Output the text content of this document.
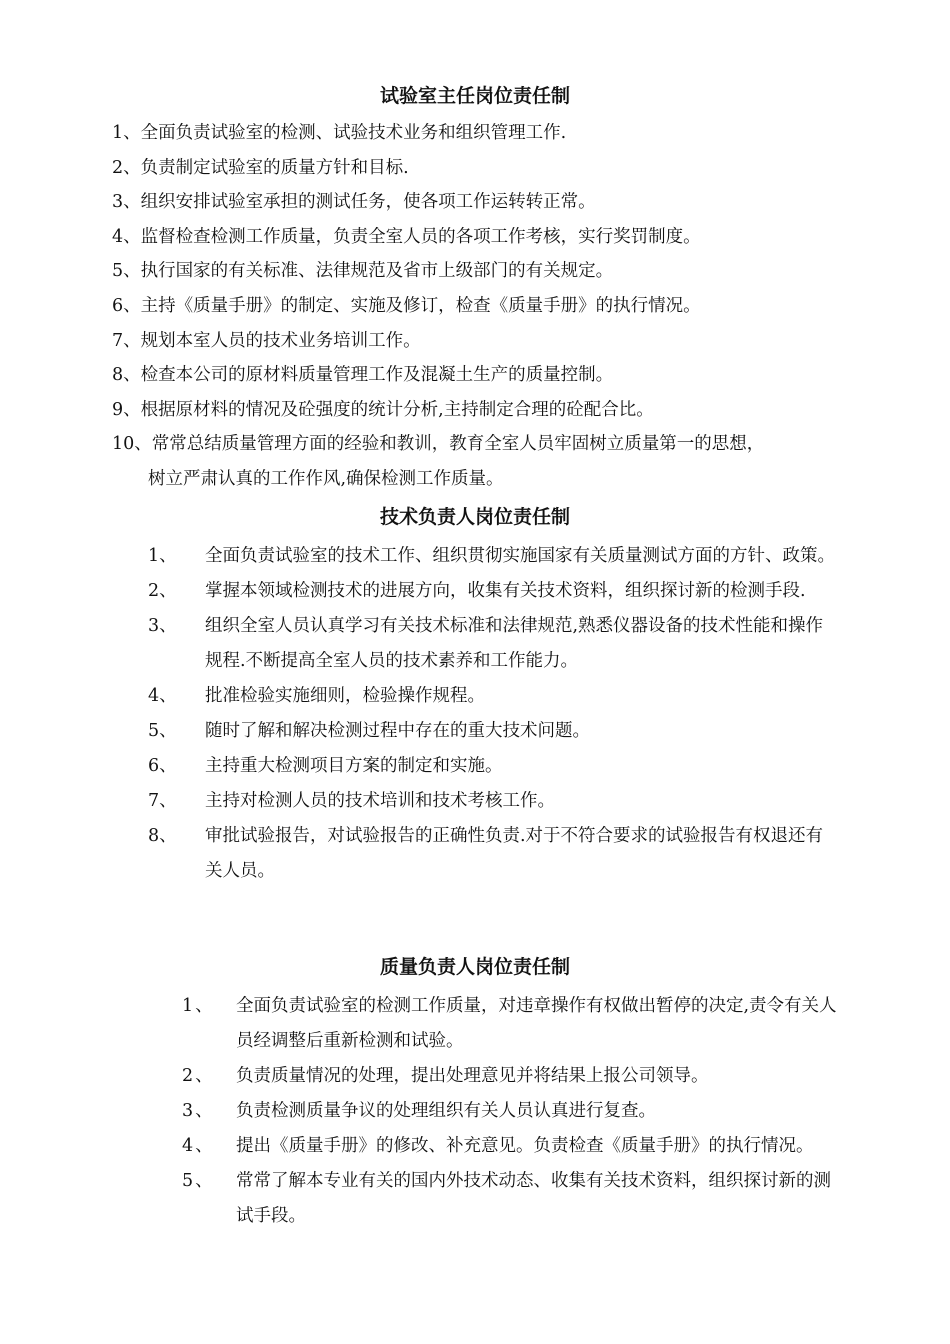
试验室主任岗位责任制
1、全面负责试验室的检测、试验技术业务和组织管理工作.
2、负责制定试验室的质量方针和目标.
3、组织安排试验室承担的测试任务，使各项工作运转转正常。
4、监督检查检测工作质量，负责全室人员的各项工作考核，实行奖罚制度。
5、执行国家的有关标准、法律规范及省市上级部门的有关规定。
6、主持《质量手册》的制定、实施及修订，检查《质量手册》的执行情况。
7、规划本室人员的技术业务培训工作。
8、检查本公司的原材料质量管理工作及混凝土生产的质量控制。
9、根据原材料的情况及砼强度的统计分析,主持制定合理的砼配合比。
10、常常总结质量管理方面的经验和教训，教育全室人员牢固树立质量第一的思想，
树立严肃认真的工作作风,确保检测工作质量。
技术负责人岗位责任制
1、	全面负责试验室的技术工作、组织贯彻实施国家有关质量测试方面的方针、政策。
2、	掌握本领域检测技术的进展方向，收集有关技术资料，组织探讨新的检测手段.
3、	组织全室人员认真学习有关技术标准和法律规范,熟悉仪器设备的技术性能和操作规程.不断提高全室人员的技术素养和工作能力。
4、	批准检验实施细则，检验操作规程。
5、	随时了解和解决检测过程中存在的重大技术问题。
6、	主持重大检测项目方案的制定和实施。
7、	主持对检测人员的技术培训和技术考核工作。
8、	审批试验报告，对试验报告的正确性负责.对于不符合要求的试验报告有权退还有关人员。
质量负责人岗位责任制
1、	全面负责试验室的检测工作质量，对违章操作有权做出暂停的决定,责令有关人员经调整后重新检测和试验。
2、	负责质量情况的处理，提出处理意见并将结果上报公司领导。
3、	负责检测质量争议的处理组织有关人员认真进行复查。
4、	提出《质量手册》的修改、补充意见。负责检查《质量手册》的执行情况。
5、	常常了解本专业有关的国内外技术动态、收集有关技术资料，组织探讨新的测试手段。
